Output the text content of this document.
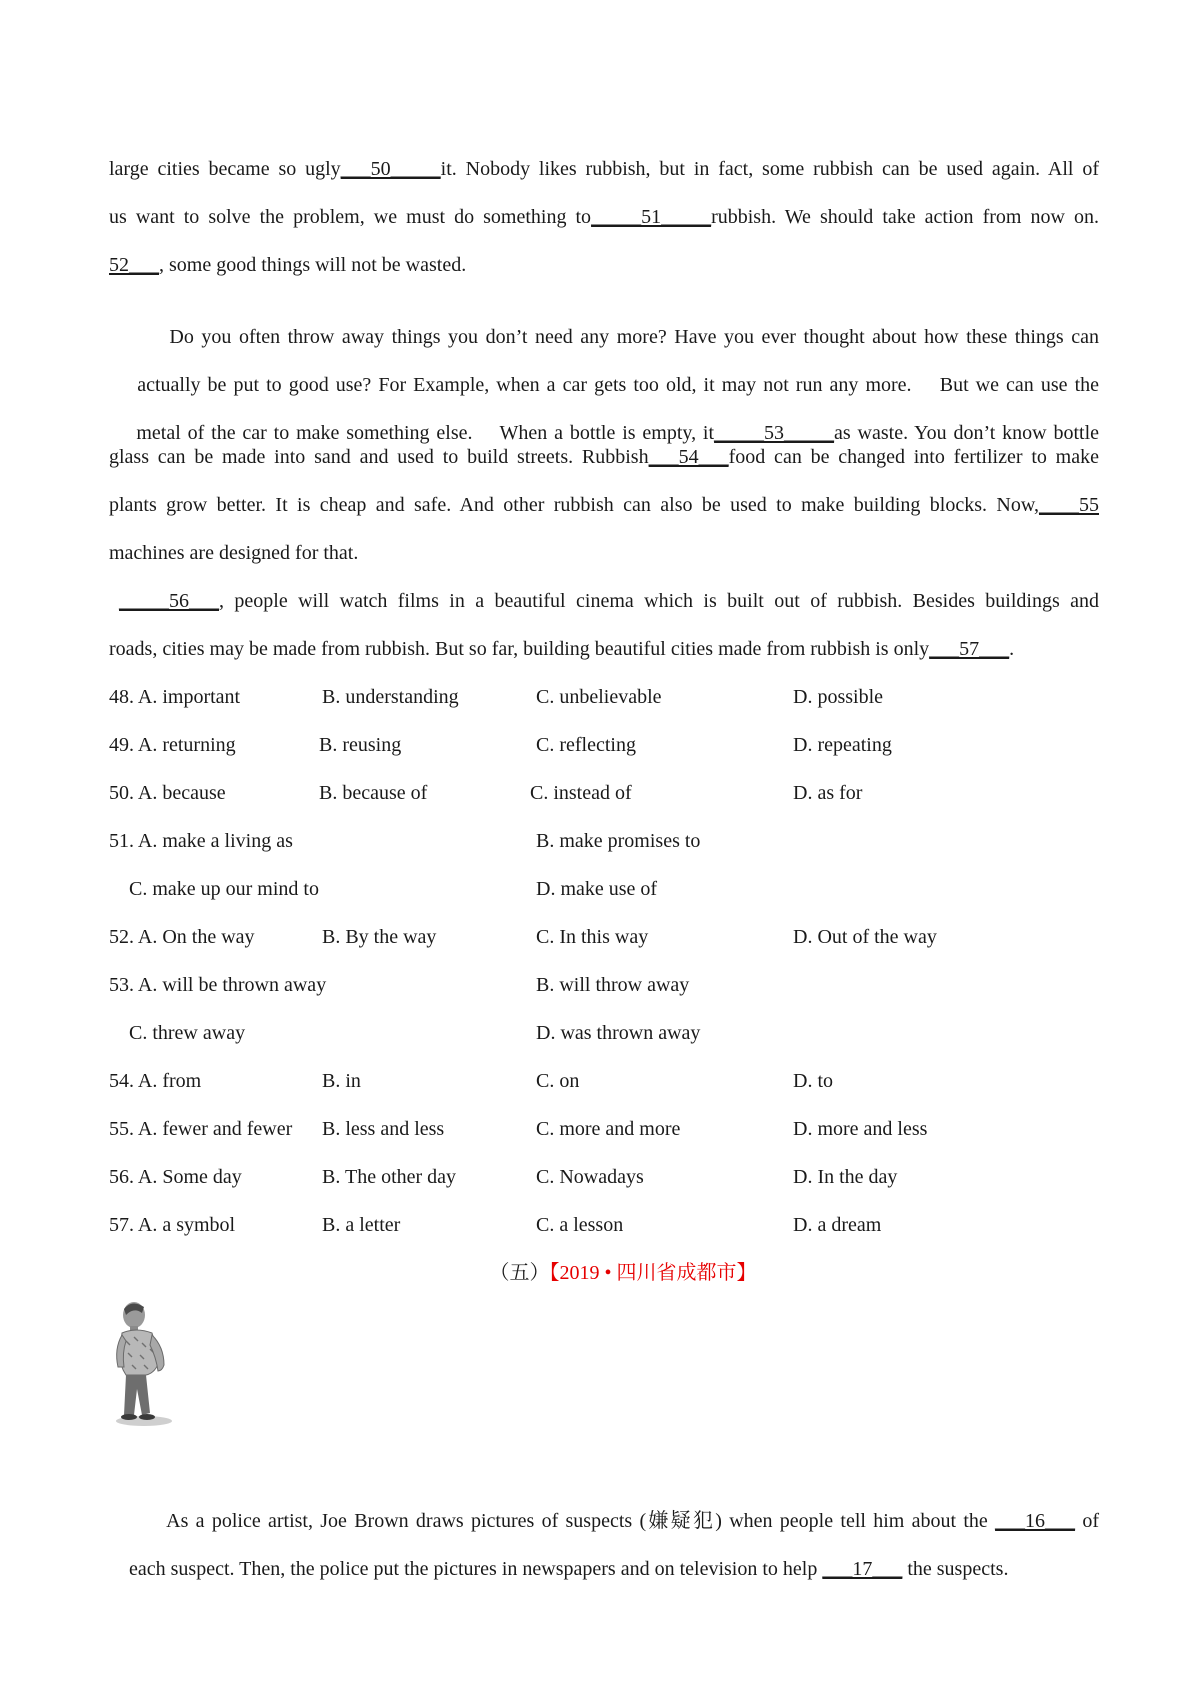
large cities became so ugly___50_____it. Nobody likes rubbish, but in fact, some rubbish can be used again. All of
us want to solve the problem, we must do something to_____51_____rubbish. We should take action from now on.
52___, some good things will not be wasted.

Do you often throw away things you don’t need any more? Have you ever thought about how these things can

actually be put to good use? For Example, when a car gets too old, it may not run any more.    But we can use the

metal of the car to make something else.    When a bottle is empty, it_____53_____as waste. You don’t know bottle

glass can be made into sand and used to build streets. Rubbish___54___food can be changed into fertilizer to make
plants grow better. It is cheap and safe. And other rubbish can also be used to make building blocks. Now,____55
machines are designed for that.
_____56___, people will watch films in a beautiful cinema which is built out of rubbish. Besides buildings and
roads, cities may be made from rubbish. But so far, building beautiful cities made from rubbish is only___57___.
48. A. important	B. understanding	C. unbelievable	D. possible
49. A. returning	B. reusing	C. reflecting	D. repeating
50. A. because	B. because of	C. instead of	D. as for
51. A. make a living as	B. make promises to
C. make up our mind to	D. make use of
52. A. On the way	B. By the way	C. In this way	D. Out of the way
53. A. will be thrown away	B. will throw away
C. threw away	D. was thrown away
54. A. from	B. in	C. on	D. to
55. A. fewer and fewer B. less and less	C. more and more	D. more and less
56. A. Some day	B. The other day	C. Nowadays	D. In the day
57. A. a symbol	B. a letter	C. a lesson	D. a dream
（五）【2019 • 四川省成都市】

As a police artist, Joe Brown draws pictures of suspects (嫌疑犯) when people tell him about the ___16___ of

each suspect. Then, the police put the pictures in newspapers and on television to help ___17___ the suspects.
